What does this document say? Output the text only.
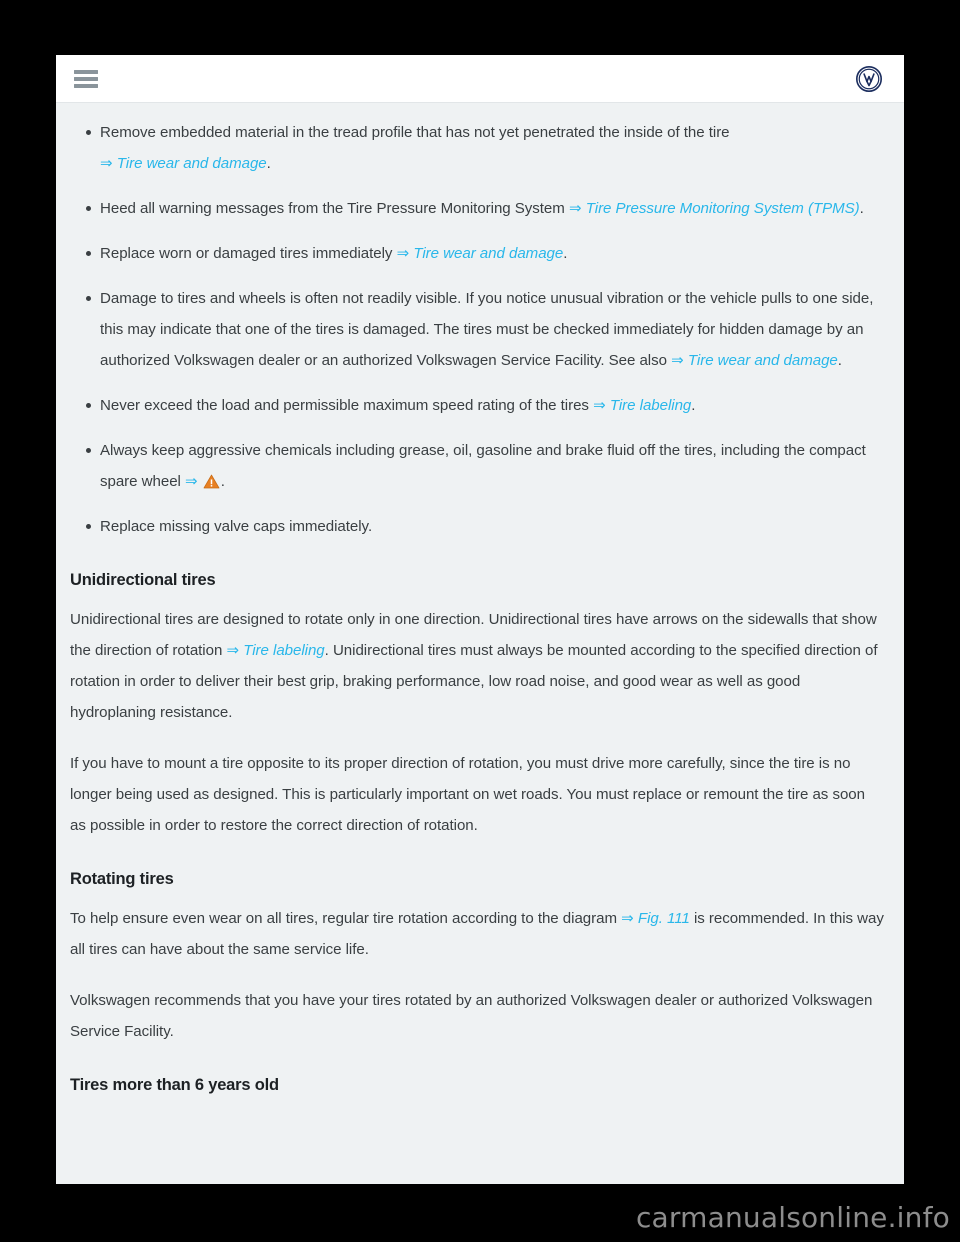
Remove embedded material in the tread profile that has not yet penetrated the inside of the tire ⇒ Tire wear and damage.
Heed all warning messages from the Tire Pressure Monitoring System ⇒ Tire Pressure Monitoring System (TPMS).
Replace worn or damaged tires immediately ⇒ Tire wear and damage.
Damage to tires and wheels is often not readily visible. If you notice unusual vibration or the vehicle pulls to one side, this may indicate that one of the tires is damaged. The tires must be checked immediately for hidden damage by an authorized Volkswagen dealer or an authorized Volkswagen Service Facility. See also ⇒ Tire wear and damage.
Never exceed the load and permissible maximum speed rating of the tires ⇒ Tire labeling.
Always keep aggressive chemicals including grease, oil, gasoline and brake fluid off the tires, including the compact spare wheel ⇒ .
Replace missing valve caps immediately.
Unidirectional tires

Unidirectional tires are designed to rotate only in one direction. Unidirectional tires have arrows on the sidewalls that show the direction of rotation ⇒ Tire labeling. Unidirectional tires must always be mounted according to the specified direction of rotation in order to deliver their best grip, braking performance, low road noise, and good wear as well as good hydroplaning resistance.

If you have to mount a tire opposite to its proper direction of rotation, you must drive more carefully, since the tire is no longer being used as designed. This is particularly important on wet roads. You must replace or remount the tire as soon as possible in order to restore the correct direction of rotation.

Rotating tires

To help ensure even wear on all tires, regular tire rotation according to the diagram ⇒ Fig. 111 is recommended. In this way all tires can have about the same service life.

Volkswagen recommends that you have your tires rotated by an authorized Volkswagen dealer or authorized Volkswagen Service Facility.

Tires more than 6 years old
carmanualsonline.info
